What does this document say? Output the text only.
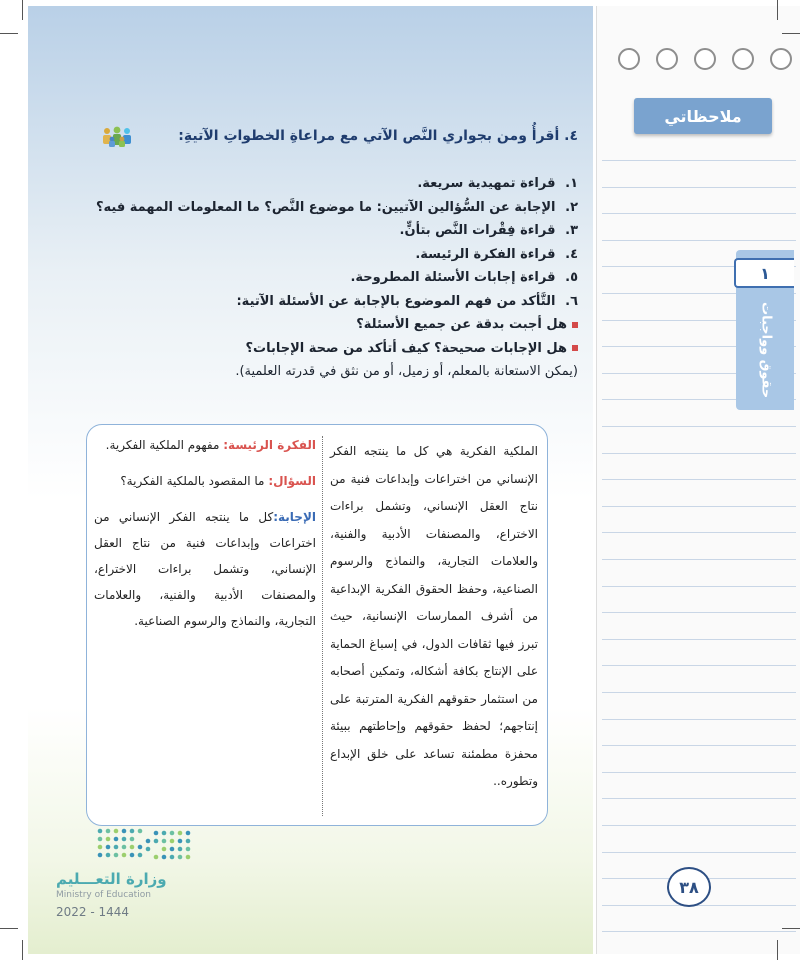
ملاحظاتي
١
حقوق وواجبات
٤. أقرأُ ومن بجواري النَّص الآتي مع مراعاةِ الخطواتِ الآتيةِ:
١. قراءة تمهيدية سريعة.
٢. الإجابة عن السُّؤالين الآتيين: ما موضوع النَّص؟ ما المعلومات المهمة فيه؟
٣. قراءة فِقْرات النَّص بتأنٍّ.
٤. قراءة الفكرة الرئيسة.
٥. قراءة إجابات الأسئلة المطروحة.
٦. التَّأكد من فهم الموضوع بالإجابة عن الأسئلة الآتية:
هل أجبت بدقة عن جميع الأسئلة؟
هل الإجابات صحيحة؟ كيف أتأكد من صحة الإجابات؟
(يمكن الاستعانة بالمعلم، أو زميل، أو من نثق في قدرته العلمية).
الملكية الفكرية هي كل ما ينتجه الفكر الإنساني من اختراعات وإبداعات فنية من نتاج العقل الإنساني، وتشمل براءات الاختراع، والمصنفات الأدبية والفنية، والعلامات التجارية، والنماذج والرسوم الصناعية، وحفظ الحقوق الفكرية الإبداعية من أشرف الممارسات الإنسانية، حيث تبرز فيها ثقافات الدول، في إسباغ الحماية على الإنتاج بكافة أشكاله، وتمكين أصحابه من استثمار حقوقهم الفكرية المترتبة على إنتاجهم؛ لحفظ حقوقهم وإحاطتهم ببيئة محفزة مطمئنة تساعد على خلق الإبداع وتطوره..
الفكرة الرئيسة: مفهوم الملكية الفكرية.
السؤال: ما المقصود بالملكية الفكرية؟
الإجابة:كل ما ينتجه الفكر الإنساني من اختراعات وإبداعات فنية من نتاج العقل الإنساني، وتشمل براءات الاختراع، والمصنفات الأدبية والفنية، والعلامات التجارية، والنماذج والرسوم الصناعية.
وزارة التعـــليم
Ministry of Education
2022 - 1444
٣٨
